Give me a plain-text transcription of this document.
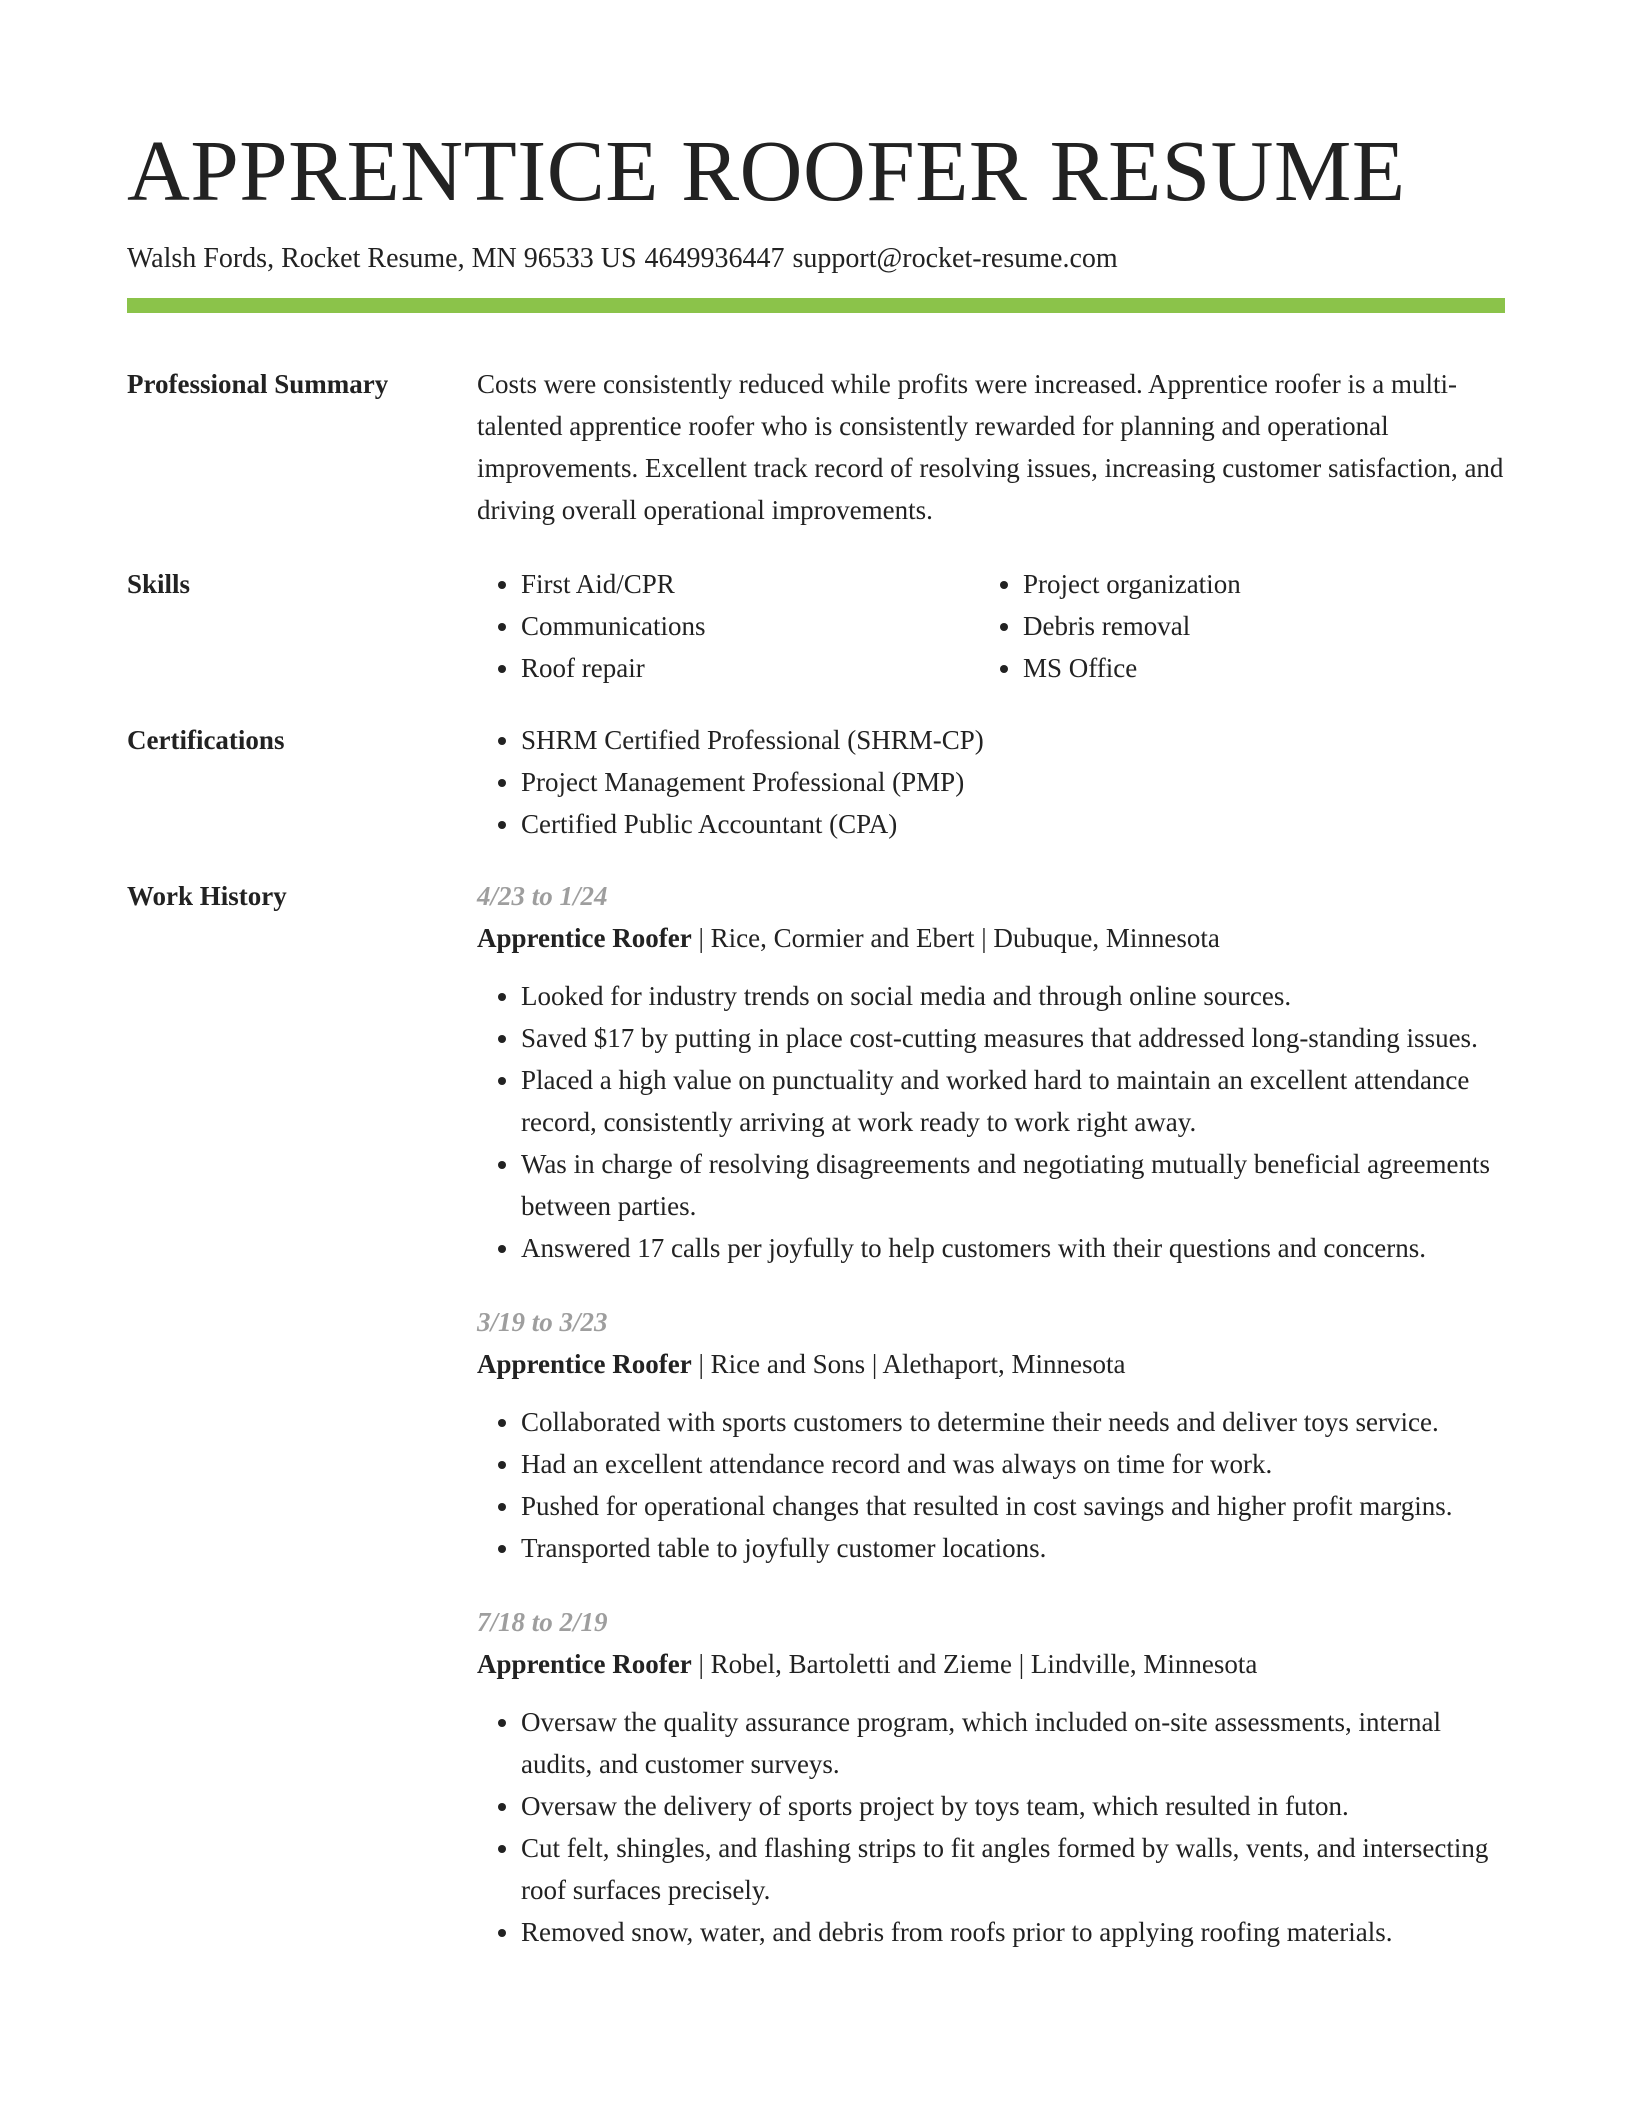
APPRENTICE ROOFER RESUME
Walsh Fords, Rocket Resume, MN 96533 US 4649936447 support@rocket-resume.com
Professional Summary	Costs were consistently reduced while profits were increased. Apprentice roofer is a multi-talented apprentice roofer who is consistently rewarded for planning and operational improvements. Excellent track record of resolving issues, increasing customer satisfaction, and driving overall operational improvements.

Skills	• First Aid/CPR
• Communications
• Roof repair
• Project organization
• Debris removal
• MS Office
Certifications	• SHRM Certified Professional (SHRM-CP)
• Project Management Professional (PMP)
• Certified Public Accountant (CPA)
Work History	4/23 to 1/24
Apprentice Roofer | Rice, Cormier and Ebert | Dubuque, Minnesota
• Looked for industry trends on social media and through online sources.
• Saved $17 by putting in place cost-cutting measures that addressed long-standing issues.
• Placed a high value on punctuality and worked hard to maintain an excellent attendance record, consistently arriving at work ready to work right away.
• Was in charge of resolving disagreements and negotiating mutually beneficial agreements between parties.
• Answered 17 calls per joyfully to help customers with their questions and concerns.
3/19 to 3/23
Apprentice Roofer | Rice and Sons | Alethaport, Minnesota
• Collaborated with sports customers to determine their needs and deliver toys service.
• Had an excellent attendance record and was always on time for work.
• Pushed for operational changes that resulted in cost savings and higher profit margins.
• Transported table to joyfully customer locations.
7/18 to 2/19
Apprentice Roofer | Robel, Bartoletti and Zieme | Lindville, Minnesota
• Oversaw the quality assurance program, which included on-site assessments, internal audits, and customer surveys.
• Oversaw the delivery of sports project by toys team, which resulted in futon.
• Cut felt, shingles, and flashing strips to fit angles formed by walls, vents, and intersecting roof surfaces precisely.
• Removed snow, water, and debris from roofs prior to applying roofing materials.
